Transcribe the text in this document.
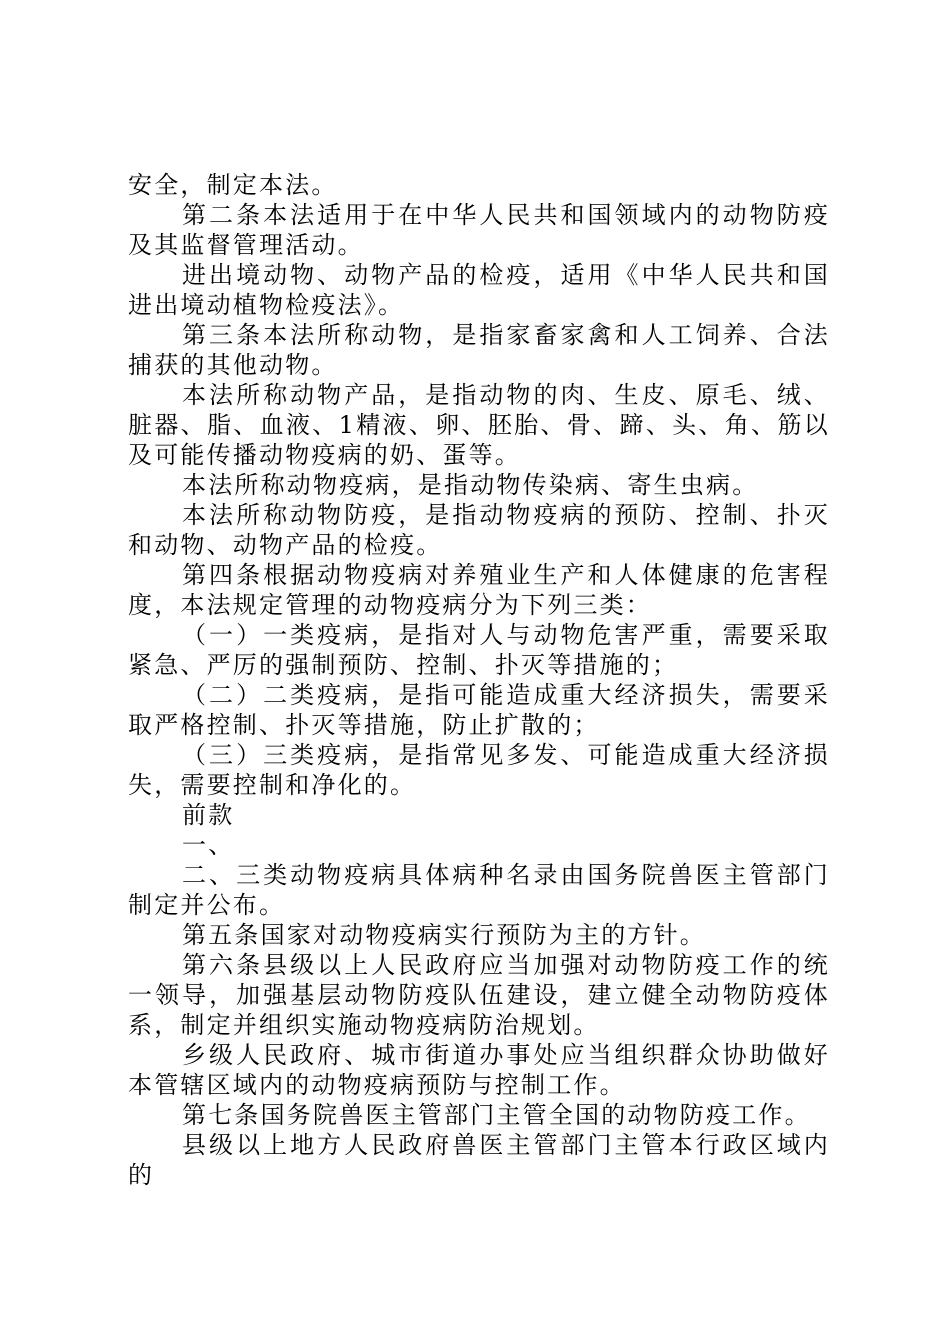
安全，制定本法。

第二条本法适用于在中华人民共和国领域内的动物防疫及其监督管理活动。

进出境动物、动物产品的检疫，适用《中华人民共和国进出境动植物检疫法》。

第三条本法所称动物，是指家畜家禽和人工饲养、合法捕获的其他动物。

本法所称动物产品，是指动物的肉、生皮、原毛、绒、脏器、脂、血液、1精液、卵、胚胎、骨、蹄、头、角、筋以及可能传播动物疫病的奶、蛋等。

本法所称动物疫病，是指动物传染病、寄生虫病。

本法所称动物防疫，是指动物疫病的预防、控制、扑灭和动物、动物产品的检疫。

第四条根据动物疫病对养殖业生产和人体健康的危害程度，本法规定管理的动物疫病分为下列三类：

（一）一类疫病，是指对人与动物危害严重，需要采取紧急、严厉的强制预防、控制、扑灭等措施的；

（二）二类疫病，是指可能造成重大经济损失，需要采取严格控制、扑灭等措施，防止扩散的；

（三）三类疫病，是指常见多发、可能造成重大经济损失，需要控制和净化的。

前款

一、

二、三类动物疫病具体病种名录由国务院兽医主管部门制定并公布。

第五条国家对动物疫病实行预防为主的方针。

第六条县级以上人民政府应当加强对动物防疫工作的统一领导，加强基层动物防疫队伍建设，建立健全动物防疫体系，制定并组织实施动物疫病防治规划。

乡级人民政府、城市街道办事处应当组织群众协助做好本管辖区域内的动物疫病预防与控制工作。

第七条国务院兽医主管部门主管全国的动物防疫工作。

县级以上地方人民政府兽医主管部门主管本行政区域内的
